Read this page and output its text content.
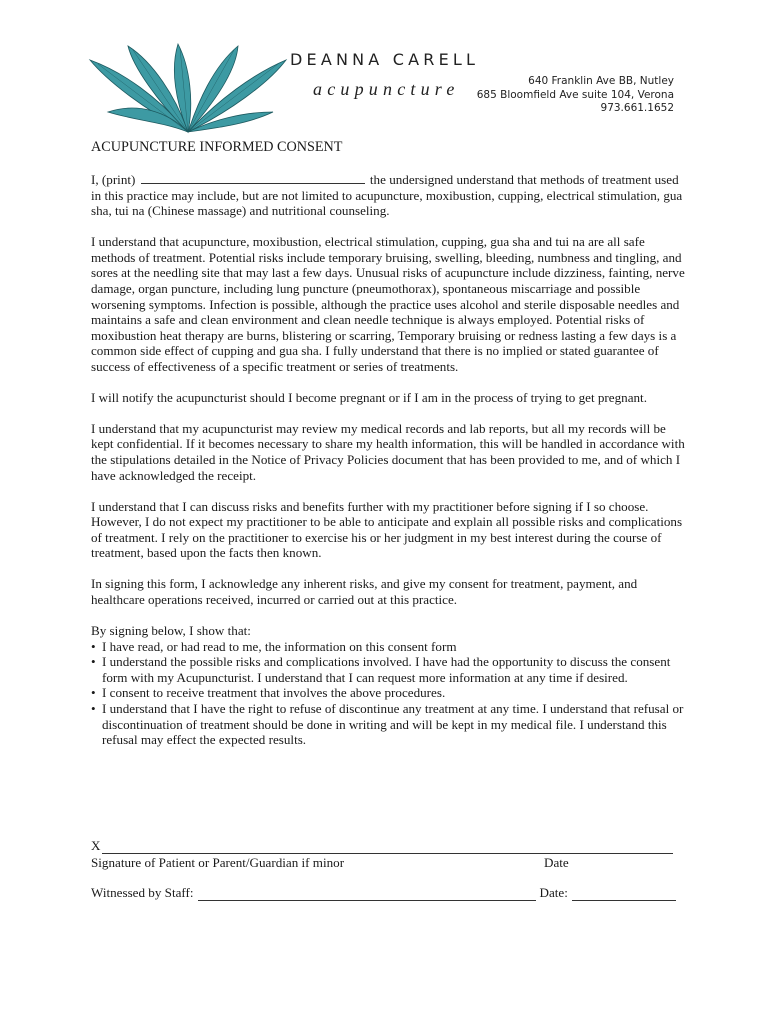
DEANNA CARELL
acupuncture	640 Franklin Ave BB, Nutley
685 Bloomfield Ave suite 104, Verona
973.661.1652
ACUPUNCTURE INFORMED CONSENT

I, (print)	the undersigned understand that methods of treatment used in this practice may include, but are not limited to acupuncture, moxibustion, cupping, electrical stimulation, gua sha, tui na (Chinese massage) and nutritional counseling.

I understand that acupuncture, moxibustion, electrical stimulation, cupping, gua sha and tui na are all safe methods of treatment. Potential risks include temporary bruising, swelling, bleeding, numbness and tingling, and sores at the needling site that may last a few days. Unusual risks of acupuncture include dizziness, fainting, nerve damage, organ puncture, including lung puncture (pneumothorax), spontaneous miscarriage and possible worsening symptoms. Infection is possible, although the practice uses alcohol and sterile disposable needles and maintains a safe and clean environment and clean needle technique is always employed. Potential risks of moxibustion heat therapy are burns, blistering or scarring, Temporary bruising or redness lasting a few days is a common side effect of cupping and gua sha. I fully understand that there is no implied or stated guarantee of success of effectiveness of a specific treatment or series of treatments.

I will notify the acupuncturist should I become pregnant or if I am in the process of trying to get pregnant.

I understand that my acupuncturist may review my medical records and lab reports, but all my records will be kept confidential. If it becomes necessary to share my health information, this will be handled in accordance with the stipulations detailed in the Notice of Privacy Policies document that has been provided to me, and of which I have acknowledged the receipt.

I understand that I can discuss risks and benefits further with my practitioner before signing if I so choose. However, I do not expect my practitioner to be able to anticipate and explain all possible risks and complications of treatment. I rely on the practitioner to exercise his or her judgment in my best interest during the course of treatment, based upon the facts then known.

In signing this form, I acknowledge any inherent risks, and give my consent for treatment, payment, and healthcare operations received, incurred or carried out at this practice.

By signing below, I show that:
• I have read, or had read to me, the information on this consent form
• I understand the possible risks and complications involved. I have had the opportunity to discuss the consent form with my Acupuncturist. I understand that I can request more information at any time if desired.
• I consent to receive treatment that involves the above procedures.
• I understand that I have the right to refuse of discontinue any treatment at any time. I understand that refusal or discontinuation of treatment should be done in writing and will be kept in my medical file. I understand this refusal may effect the expected results.
X
Signature of Patient or Parent/Guardian if minor	Date
Witnessed by Staff:	Date:
